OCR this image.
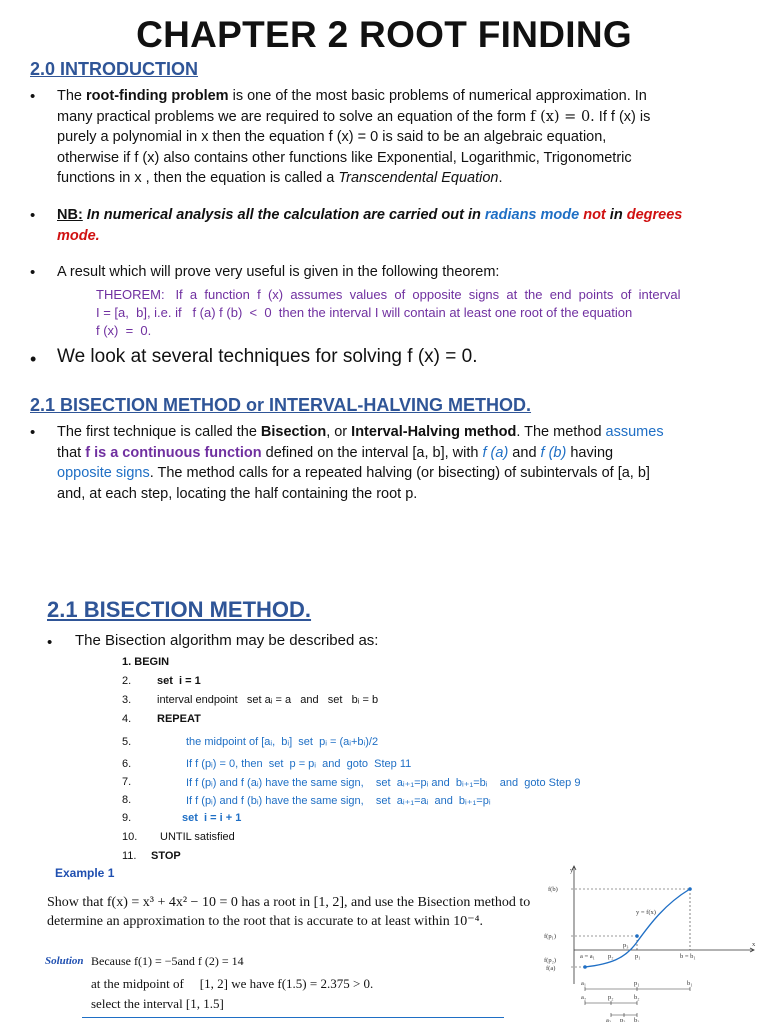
CHAPTER 2 ROOT FINDING
2.0 INTRODUCTION
• The root-finding problem is one of the most basic problems of numerical approximation. In
many practical problems we are required to solve an equation of the form f (x) = 0. If f (x) is
purely a polynomial in x then the equation f (x) = 0 is said to be an algebraic equation,
otherwise if f (x) also contains other functions like Exponential, Logarithmic, Trigonometric
functions in x , then the equation is called a Transcendental Equation.
• NB: In numerical analysis all the calculation are carried out in radians mode not in degrees
mode.
• A result which will prove very useful is given in the following theorem:
THEOREM:   If  a  function  f  (x)  assumes  values  of  opposite  signs  at  the  end  points  of  interval
I = [a,  b], i.e. if   f (a) f (b)  <  0  then the interval I will contain at least one root of the equation
f (x)  =  0.
• We look at several techniques for solving f (x) = 0.
2.1 BISECTION METHOD or INTERVAL-HALVING METHOD.
• The first technique is called the Bisection, or Interval-Halving method. The method assumes
that f is a continuous function defined on the interval [a, b], with f (a) and f (b) having
opposite signs. The method calls for a repeated halving (or bisecting) of subintervals of [a, b]
and, at each step, locating the half containing the root p.
2.1 BISECTION METHOD.
• The Bisection algorithm may be described as:
1. BEGIN
2. set  i = 1
3. interval endpoint   set aᵢ = a   and   set   bᵢ = b
4. REPEAT
5.	the midpoint of [aᵢ,  bᵢ]  set  pᵢ = (aᵢ+bᵢ)/2
6.	If f (pᵢ) = 0, then  set  p = pᵢ  and  goto  Step 11
7.	If f (pᵢ) and f (aᵢ) have the same sign,    set  aᵢ₊₁=pᵢ and  bᵢ₊₁=bᵢ    and  goto Step 9
8.	If f (pᵢ) and f (bᵢ) have the same sign,    set  aᵢ₊₁=aᵢ  and  bᵢ₊₁=pᵢ
9.	set  i = i + 1
10. UNTIL satisfied
11. STOP
Example 1
Show that f(x) = x³ + 4x² − 10 = 0 has a root in [1, 2], and use the Bisection method to
determine an approximation to the root that is accurate to at least within 10⁻⁴.
Solution Because f(1) = −5and f (2) = 14
at the midpoint of [1, 2] we have f(1.5) = 2.375 > 0.
select the interval [1, 1.5]
y
x
f(b)
y = f(x)
f(p₁)
f(p₂)
f(a)
a = a₁ p₂
p₃
p₁	b = b₁
a₁	p₁	b₁
a₂	p₂	b₂
a₃ p₃ b₃
